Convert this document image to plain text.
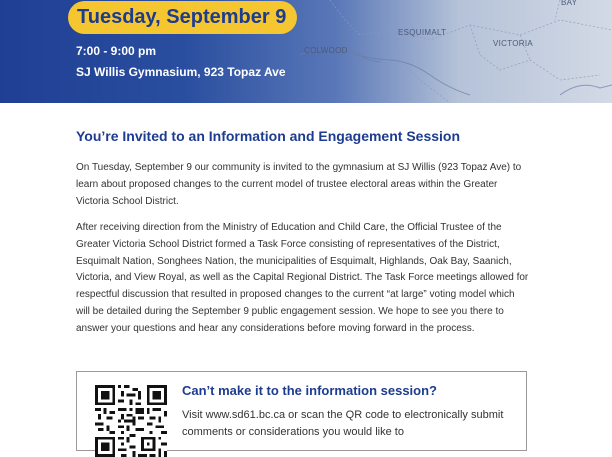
COLWOOD
ESQUIMALT
VICTORIA
BAY
Tuesday, September 9
7:00 - 9:00 pm
SJ Willis Gymnasium, 923 Topaz Ave
You’re Invited to an Information and Engagement Session

On Tuesday, September 9 our community is invited to the gymnasium at SJ Willis (923 Topaz Ave) to learn about proposed changes to the current model of trustee electoral areas within the Greater Victoria School District.

After receiving direction from the Ministry of Education and Child Care, the Official Trustee of the Greater Victoria School District formed a Task Force consisting of representatives of the District, Esquimalt Nation, Songhees Nation, the municipalities of Esquimalt, Highlands, Oak Bay, Saanich, Victoria, and View Royal, as well as the Capital Regional District. The Task Force meetings allowed for respectful discussion that resulted in proposed changes to the current “at large” voting model which will be detailed during the September 9 public engagement session. We hope to see you there to answer your questions and hear any considerations before moving forward in the process.

Can’t make it to the information session?

Visit www.sd61.bc.ca or scan the QR code to electronically submit comments or considerations you would like to
